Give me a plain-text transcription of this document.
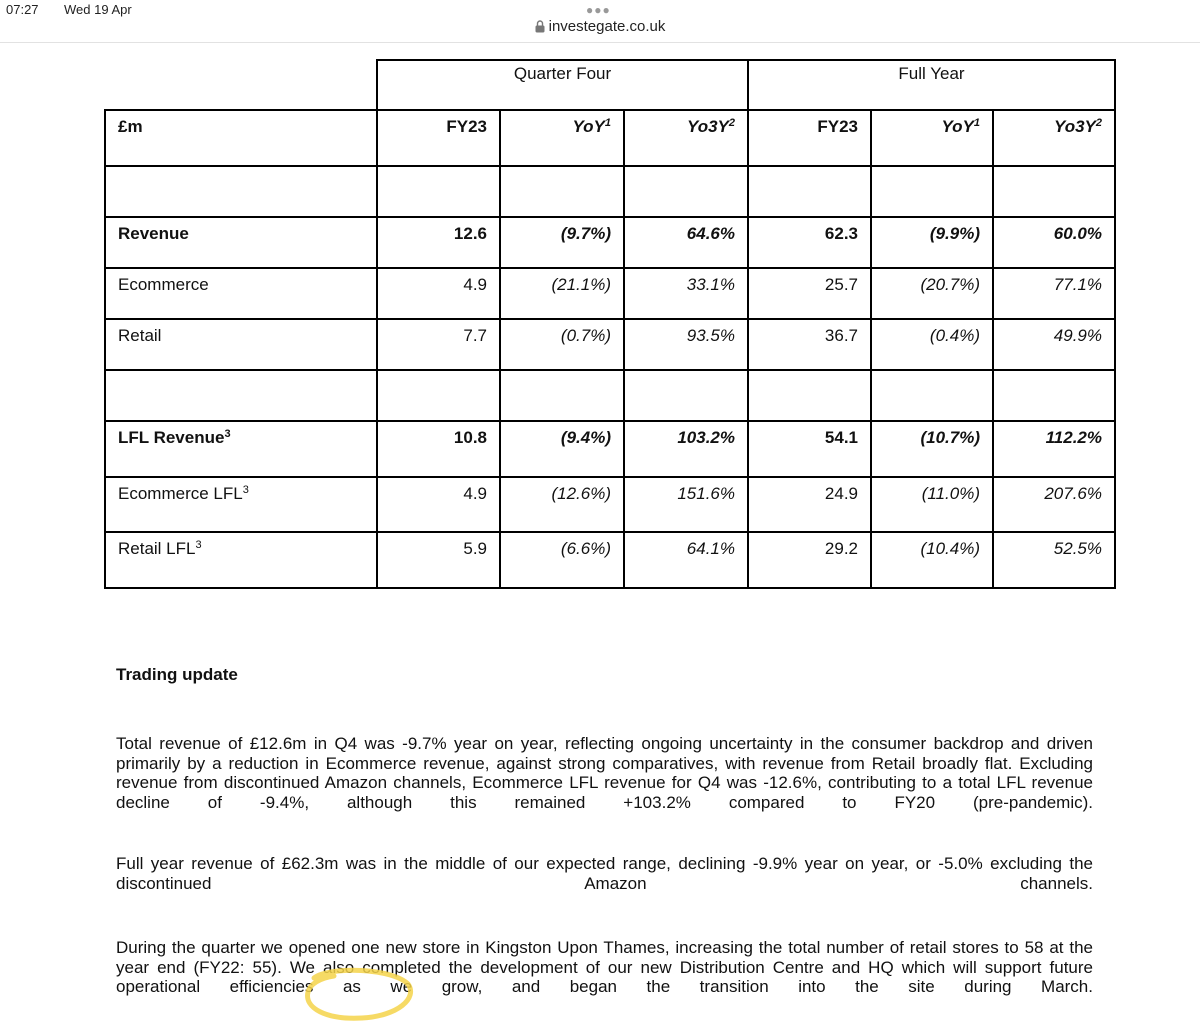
07:27 Wed 19 Apr	●●●
investegate.co.uk
	Quarter Four			Full Year		
£m	FY23	YoY$^1$	$Yo3Y^2$	FY23	YoY$^1$	$Yo3Y^2$

Revenue	12.6	(9.7%)	64.6%	62.3	(9.9%)	60.0%
Ecommerce	4.9	(21.1%)	33.1%	25.7	(20.7%)	77.1%
Retail	7.7	(0.7%)	93.5%	36.7	(0.4%)	49.9%

LFL Revenue$^3$	10.8	(9.4%)	103.2%	54.1	(10.7%)	112.2%
Ecommerce LFL$^3$	4.9	(12.6%)	151.6%	24.9	(11.0%)	207.6%
Retail LFL$^3$	5.9	(6.6%)	64.1%	29.2	(10.4%)	52.5%
Trading update
Total revenue of £12.6m in Q4 was -9.7% year on year, reflecting ongoing uncertainty in the consumer backdrop and driven primarily by a reduction in Ecommerce revenue, against strong comparatives, with revenue from Retail broadly flat. Excluding revenue from discontinued Amazon channels, Ecommerce LFL revenue for Q4 was -12.6%, contributing to a total LFL revenue decline of -9.4%, although this remained +103.2% compared to FY20 (pre-pandemic).
Full year revenue of £62.3m was in the middle of our expected range, declining -9.9% year on year, or -5.0% excluding the discontinued Amazon channels.
During the quarter we opened one new store in Kingston Upon Thames, increasing the total number of retail stores to 58 at the year end (FY22: 55). We also completed the development of our new Distribution Centre and HQ which will support future operational efficiencies as we grow, and began the transition into the site during March.
